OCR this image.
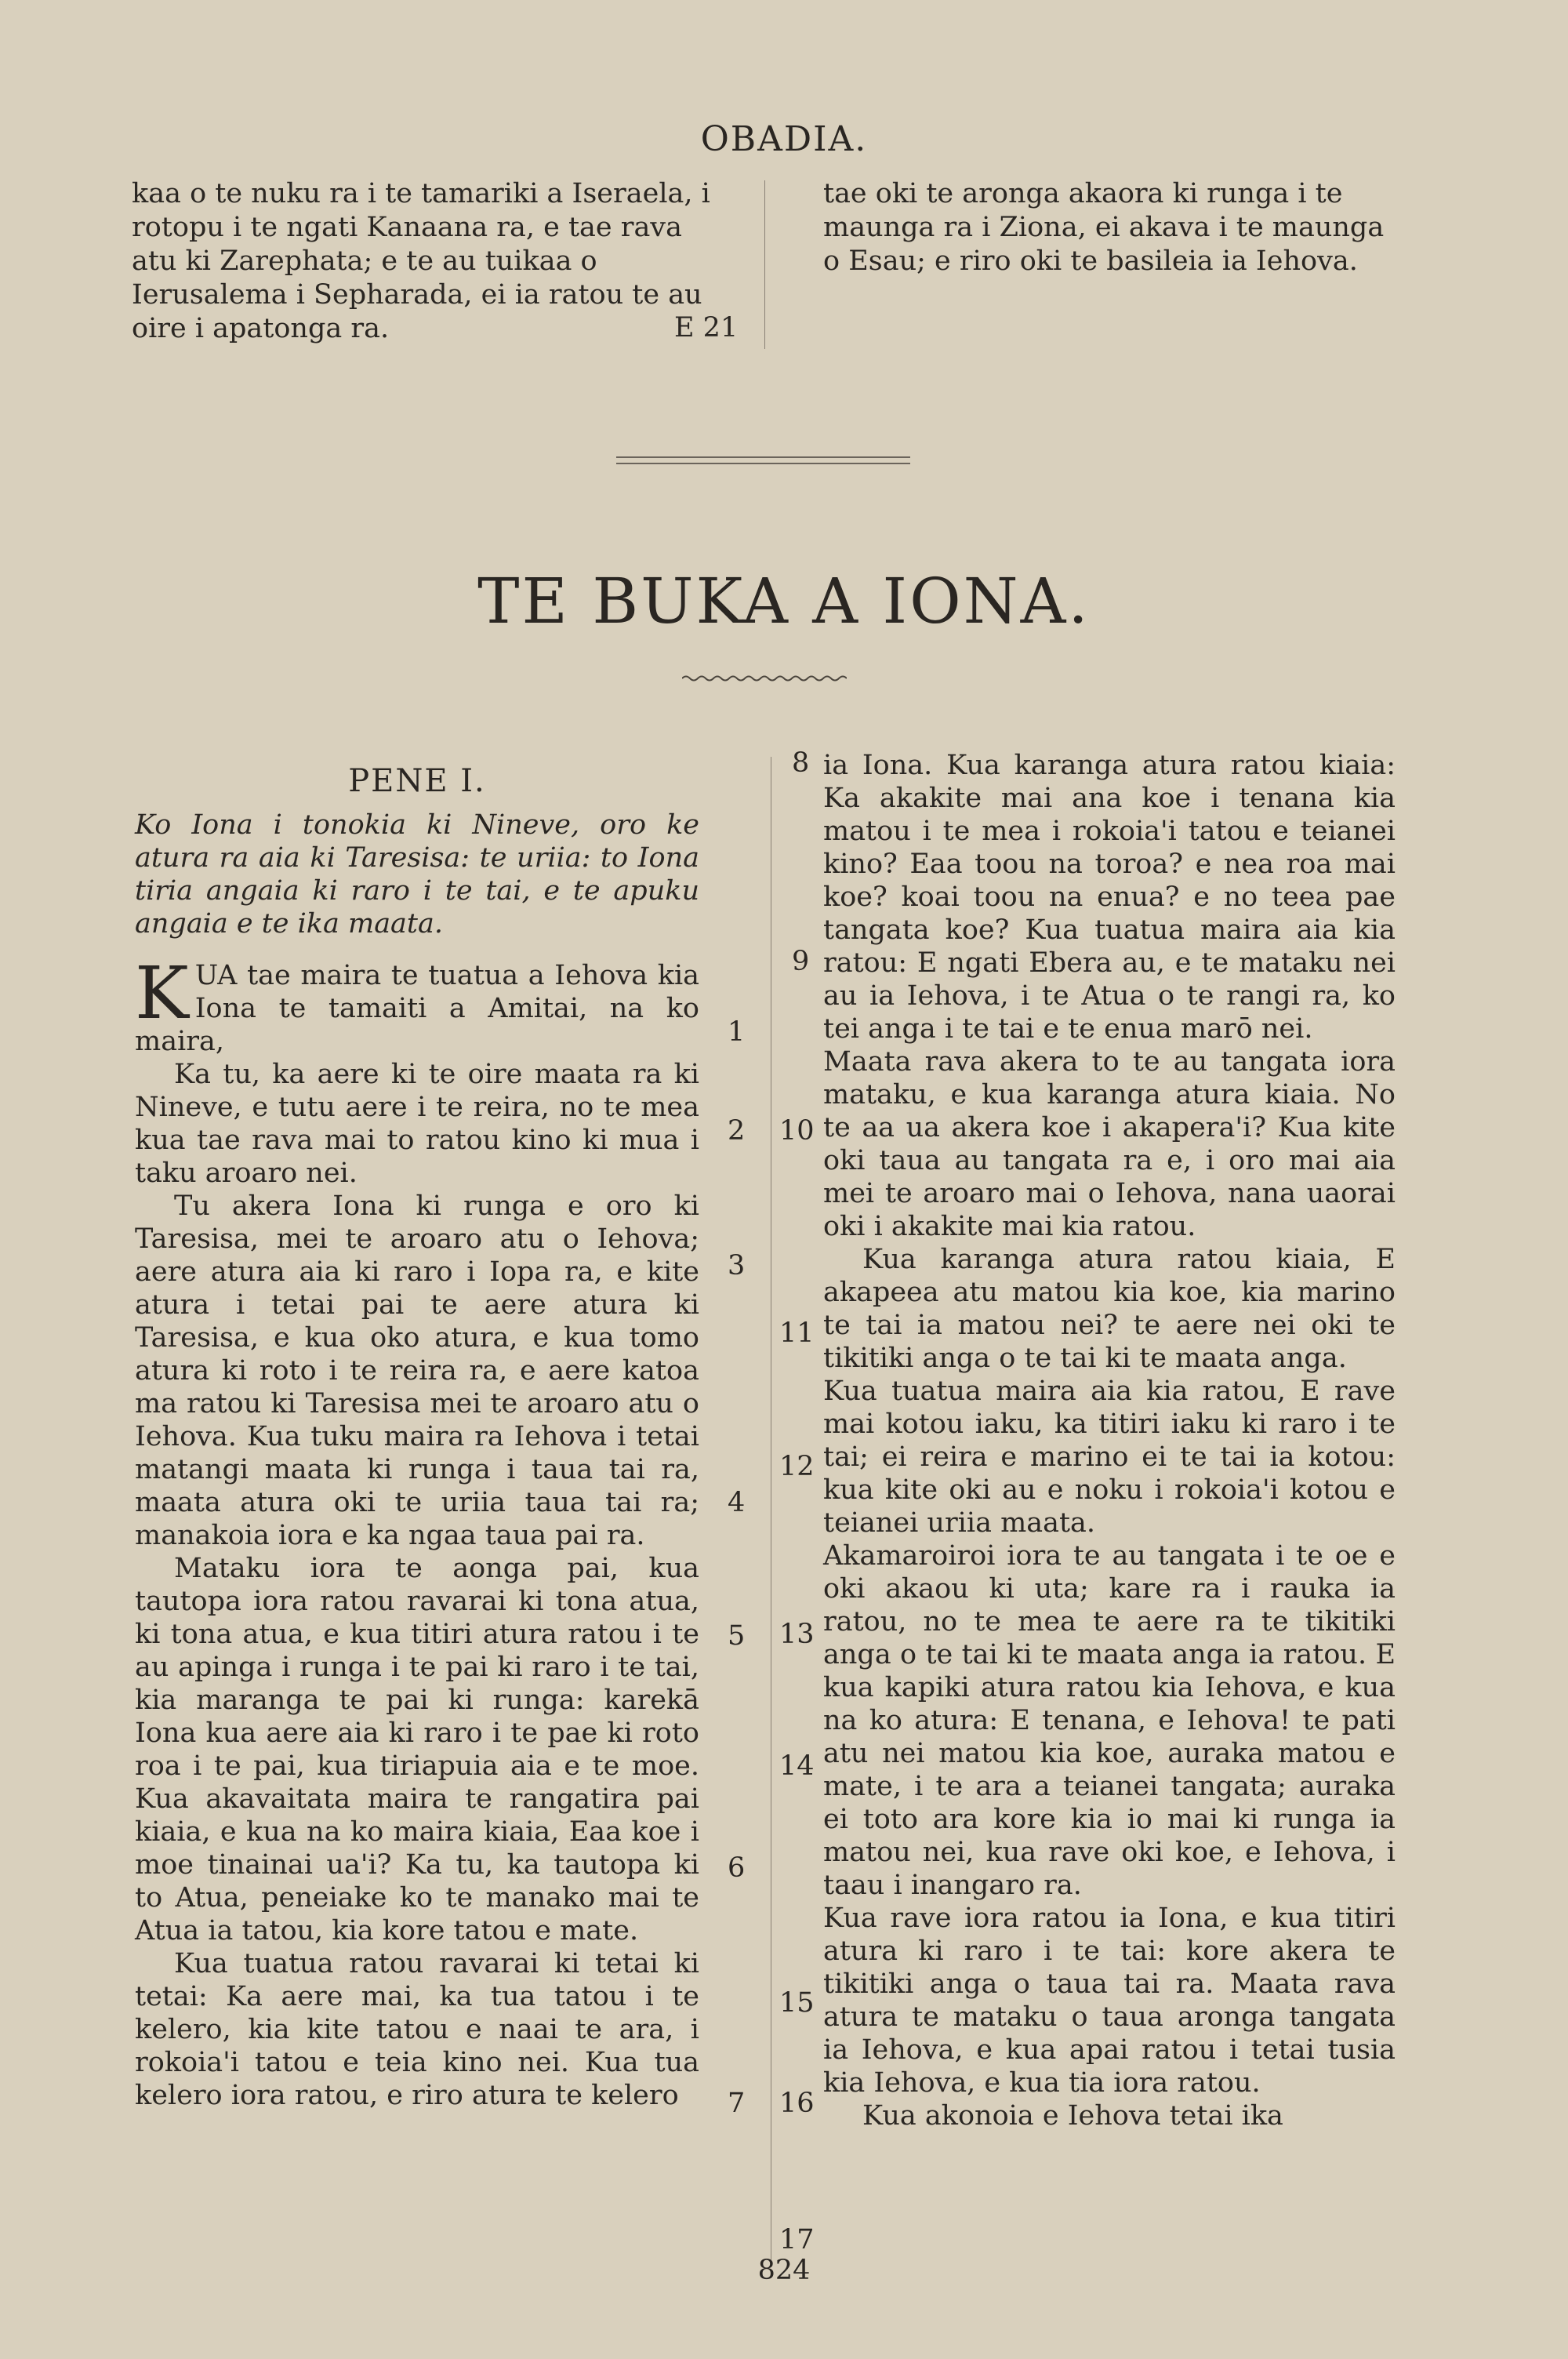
OBADIA.
kaa o te nuku ra i te tamariki a Iseraela, i rotopu i te ngati Kanaana ra, e tae rava atu ki Zarephata; e te au tuikaa o Ierusalema i Sepharada, ei ia ratou te au oire i apatonga ra.
tae oki te aronga akaora ki runga i te maunga ra i Ziona, ei akava i te maunga o Esau; e riro oki te basileia ia Iehova.
E 21
TE BUKA A IONA.

PENE I.

Ko Iona i tonokia ki Nineve, oro ke atura ra aia ki Taresisa: te uriia: to Iona tiria angaia ki raro i te tai, e te apuku angaia e te ika maata.

KUA tae maira te tuatua a Iehova kia Iona te tamaiti a Amitai, na ko maira,

Ka tu, ka aere ki te oire maata ra ki Nineve, e tutu aere i te reira, no te mea kua tae rava mai to ratou kino ki mua i taku aroaro nei.

Tu akera Iona ki runga e oro ki Taresisa, mei te aroaro atu o Iehova; aere atura aia ki raro i Iopa ra, e kite atura i tetai pai te aere atura ki Taresisa, e kua oko atura, e kua tomo atura ki roto i te reira ra, e aere katoa ma ratou ki Taresisa mei te aroaro atu o Iehova. Kua tuku maira ra Iehova i tetai matangi maata ki runga i taua tai ra, maata atura oki te uriia taua tai ra; manakoia iora e ka ngaa taua pai ra.

Mataku iora te aonga pai, kua tautopa iora ratou ravarai ki tona atua, ki tona atua, e kua titiri atura ratou i te au apinga i runga i te pai ki raro i te tai, kia maranga te pai ki runga: karekā Iona kua aere aia ki raro i te pae ki roto roa i te pai, kua tiriapuia aia e te moe. Kua akavaitata maira te rangatira pai kiaia, e kua na ko maira kiaia, Eaa koe i moe tinainai ua'i? Ka tu, ka tautopa ki to Atua, peneiake ko te manako mai te Atua ia tatou, kia kore tatou e mate.

Kua tuatua ratou ravarai ki tetai ki tetai: Ka aere mai, ka tua tatou i te kelero, kia kite tatou e naai te ara, i rokoia'i tatou e teia kino nei. Kua tua kelero iora ratou, e riro atura te kelero

1
2
3
4
5
6
7

ia Iona. Kua karanga atura ratou kiaia: Ka akakite mai ana koe i tenana kia matou i te mea i rokoia'i tatou e teianei kino? Eaa toou na toroa? e nea roa mai koe? koai toou na enua? e no teea pae tangata koe? Kua tuatua maira aia kia ratou: E ngati Ebera au, e te mataku nei au ia Iehova, i te Atua o te rangi ra, ko tei anga i te tai e te enua marō nei.

Maata rava akera to te au tangata iora mataku, e kua karanga atura kiaia. No te aa ua akera koe i akapera'i? Kua kite oki taua au tangata ra e, i oro mai aia mei te aroaro mai o Iehova, nana uaorai oki i akakite mai kia ratou.

Kua karanga atura ratou kiaia, E akapeea atu matou kia koe, kia marino te tai ia matou nei? te aere nei oki te tikitiki anga o te tai ki te maata anga.

Kua tuatua maira aia kia ratou, E rave mai kotou iaku, ka titiri iaku ki raro i te tai; ei reira e marino ei te tai ia kotou: kua kite oki au e noku i rokoia'i kotou e teianei uriia maata.

Akamaroiroi iora te au tangata i te oe e oki akaou ki uta; kare ra i rauka ia ratou, no te mea te aere ra te tikitiki anga o te tai ki te maata anga ia ratou. E kua kapiki atura ratou kia Iehova, e kua na ko atura: E tenana, e Iehova! te pati atu nei matou kia koe, auraka matou e mate, i te ara a teianei tangata; auraka ei toto ara kore kia io mai ki runga ia matou nei, kua rave oki koe, e Iehova, i taau i inangaro ra.

Kua rave iora ratou ia Iona, e kua titiri atura ki raro i te tai: kore akera te tikitiki anga o taua tai ra. Maata rava atura te mataku o taua aronga tangata ia Iehova, e kua apai ratou i tetai tusia kia Iehova, e kua tia iora ratou.

Kua akonoia e Iehova tetai ika

8
9
10
11
12
13
14
15
16
17
824
